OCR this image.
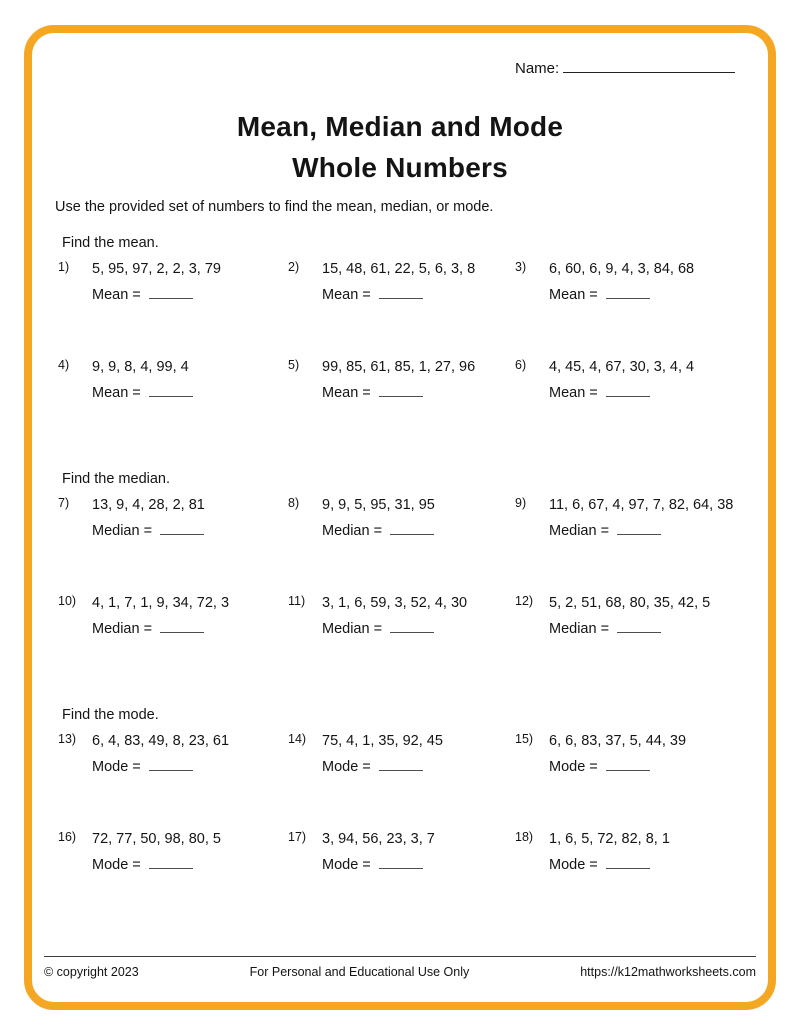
Name:
Mean, Median and Mode
Whole Numbers
Use the provided set of numbers to find the mean, median, or mode.
Find the mean.
1)	5, 95, 97, 2, 2, 3, 79
Mean =
2)	15, 48, 61, 22, 5, 6, 3, 8
Mean =
3)	6, 60, 6, 9, 4, 3, 84, 68
Mean =
4)	9, 9, 8, 4, 99, 4
Mean =
5)	99, 85, 61, 85, 1, 27, 96
Mean =
6)	4, 45, 4, 67, 30, 3, 4, 4
Mean =
Find the median.
7)	13, 9, 4, 28, 2, 81
Median =
8)	9, 9, 5, 95, 31, 95
Median =
9)	11, 6, 67, 4, 97, 7, 82, 64, 38
Median =
10)	4, 1, 7, 1, 9, 34, 72, 3
Median =
11)	3, 1, 6, 59, 3, 52, 4, 30
Median =
12)	5, 2, 51, 68, 80, 35, 42, 5
Median =
Find the mode.
13)	6, 4, 83, 49, 8, 23, 61
Mode =
14)	75, 4, 1, 35, 92, 45
Mode =
15)	6, 6, 83, 37, 5, 44, 39
Mode =
16)	72, 77, 50, 98, 80, 5
Mode =
17)	3, 94, 56, 23, 3, 7
Mode =
18)	1, 6, 5, 72, 82, 8, 1
Mode =
© copyright 2023	For Personal and Educational Use Only	https://k12mathworksheets.com
